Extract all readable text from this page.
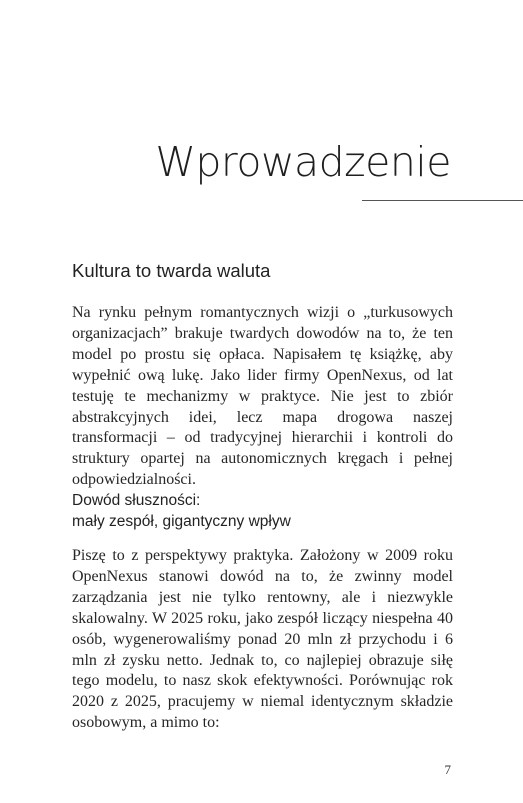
Wprowadzenie
Kultura to twarda waluta

Na rynku pełnym romantycznych wizji o „turkusowych organizacjach” brakuje twardych dowodów na to, że ten model po prostu się opłaca. Napisałem tę książkę, aby wypełnić ową lukę. Jako lider firmy OpenNexus, od lat testuję te mechanizmy w praktyce. Nie jest to zbiór abstrakcyjnych idei, lecz mapa drogowa naszej transformacji – od tradycyjnej hierarchii i kontroli do struktury opartej na autonomicznych kręgach i pełnej odpowiedzialności.

Dowód słuszności:
mały zespół, gigantyczny wpływ

Piszę to z perspektywy praktyka. Założony w 2009 roku OpenNexus stanowi dowód na to, że zwinny model zarządzania jest nie tylko rentowny, ale i niezwykle skalowalny. W 2025 roku, jako zespół liczący niespełna 40 osób, wygenerowaliśmy ponad 20 mln zł przychodu i 6 mln zł zysku netto. Jednak to, co najlepiej obrazuje siłę tego modelu, to nasz skok efektywności. Porównując rok 2020 z 2025, pracujemy w niemal identycznym składzie osobowym, a mimo to:

7
